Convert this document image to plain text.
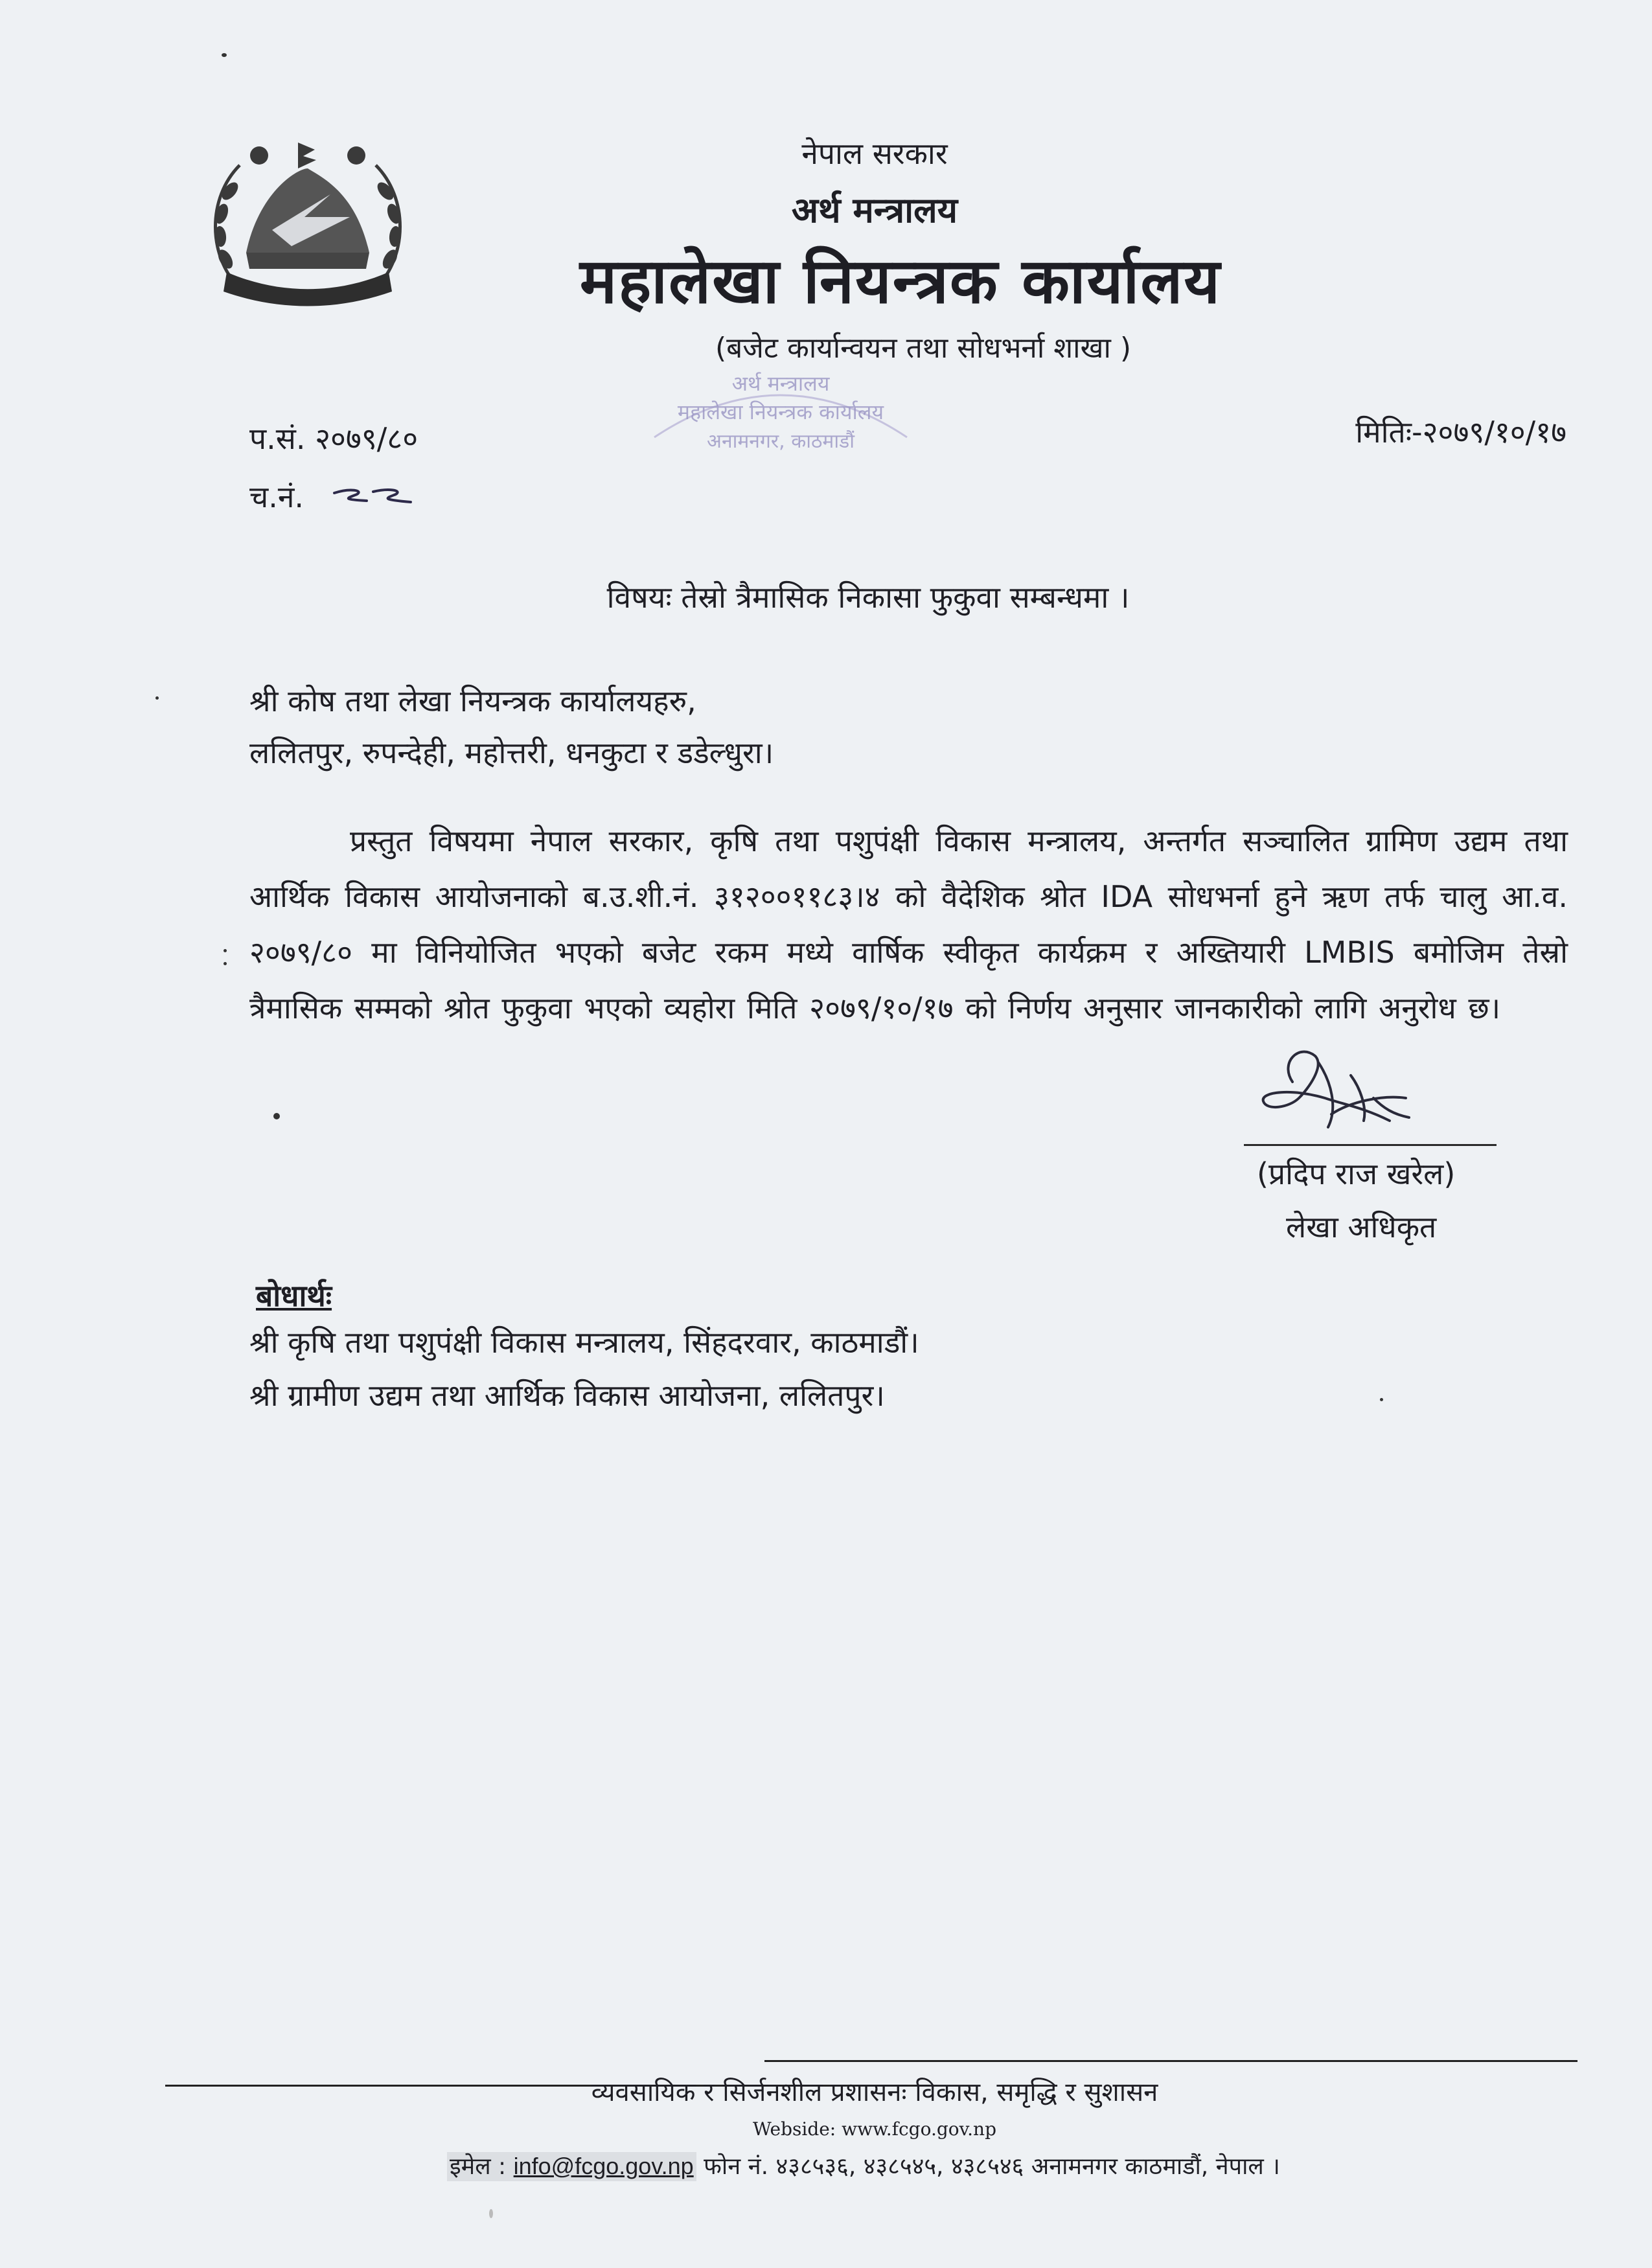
नेपाल सरकार
अर्थ मन्त्रालय
महालेखा नियन्त्रक कार्यालय
(बजेट कार्यान्वयन तथा सोधभर्ना शाखा )
अर्थ मन्त्रालय
महालेखा नियन्त्रक कार्यालय
अनामनगर, काठमाडौं
प.सं. २०७९/८०
च.नं.
मितिः-२०७९/१०/१७
विषयः तेस्रो त्रैमासिक निकासा फुकुवा सम्बन्धमा ।
श्री कोष तथा लेखा नियन्त्रक कार्यालयहरु,
ललितपुर, रुपन्देही, महोत्तरी, धनकुटा र डडेल्धुरा।
प्रस्तुत विषयमा नेपाल सरकार, कृषि तथा पशुपंक्षी विकास मन्त्रालय, अन्तर्गत सञ्चालित ग्रामिण उद्यम तथा आर्थिक विकास आयोजनाको ब.उ.शी.नं. ३१२००११८३।४ को वैदेशिक श्रोत IDA सोधभर्ना हुने ऋण तर्फ चालु आ.व. २०७९/८० मा विनियोजित भएको बजेट रकम मध्ये वार्षिक स्वीकृत कार्यक्रम र अख्तियारी LMBIS बमोजिम तेस्रो त्रैमासिक सम्मको श्रोत फुकुवा भएको व्यहोरा मिति २०७९/१०/१७ को निर्णय अनुसार जानकारीको लागि अनुरोध छ।
(प्रदिप राज खरेल)
लेखा अधिकृत
बोधार्थः
श्री कृषि तथा पशुपंक्षी विकास मन्त्रालय, सिंहदरवार, काठमाडौं।
श्री ग्रामीण उद्यम तथा आर्थिक विकास आयोजना, ललितपुर।
व्यवसायिक र सिर्जनशील प्रशासनः विकास, समृद्धि र सुशासन
Webside: www.fcgo.gov.np
इमेल : info@fcgo.gov.np फोन नं. ४३८५३६, ४३८५४५, ४३८५४६ अनामनगर काठमाडौं, नेपाल ।
